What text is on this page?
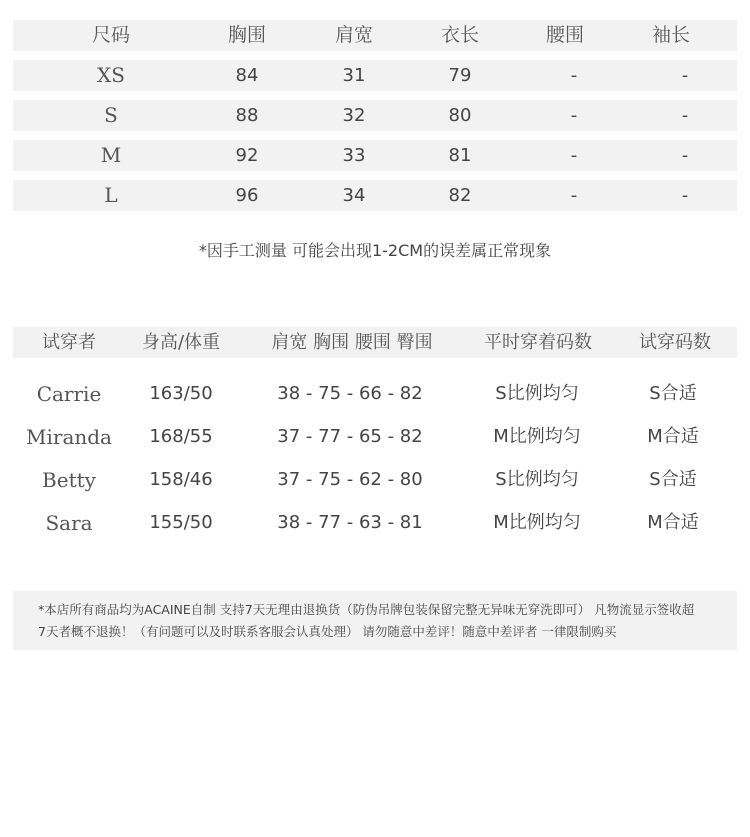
尺码	胸围	肩宽	衣长	腰围	袖长
XS	84	31	79	-	-
S	88	32	80	-	-
M	92	33	81	-	-
L	96	34	82	-	-
*因手工测量 可能会出现1-2CM的误差属正常现象
试穿者	身高/体重	肩宽 胸围 腰围 臀围	平时穿着码数	试穿码数
Carrie	163/50	38 - 75 - 66 - 82	S比例均匀	S合适
Miranda 168/55	37 - 77 - 65 - 82	M比例均匀	M合适
Betty	158/46	37 - 75 - 62 - 80	S比例均匀	S合适
Sara	155/50	38 - 77 - 63 - 81	M比例均匀	M合适
*本店所有商品均为ACAINE自制 支持7天无理由退换货（防伪吊牌包装保留完整无异味无穿洗即可） 凡物流显示签收超
7天者概不退换！（有问题可以及时联系客服会认真处理） 请勿随意中差评！随意中差评者 一律限制购买
